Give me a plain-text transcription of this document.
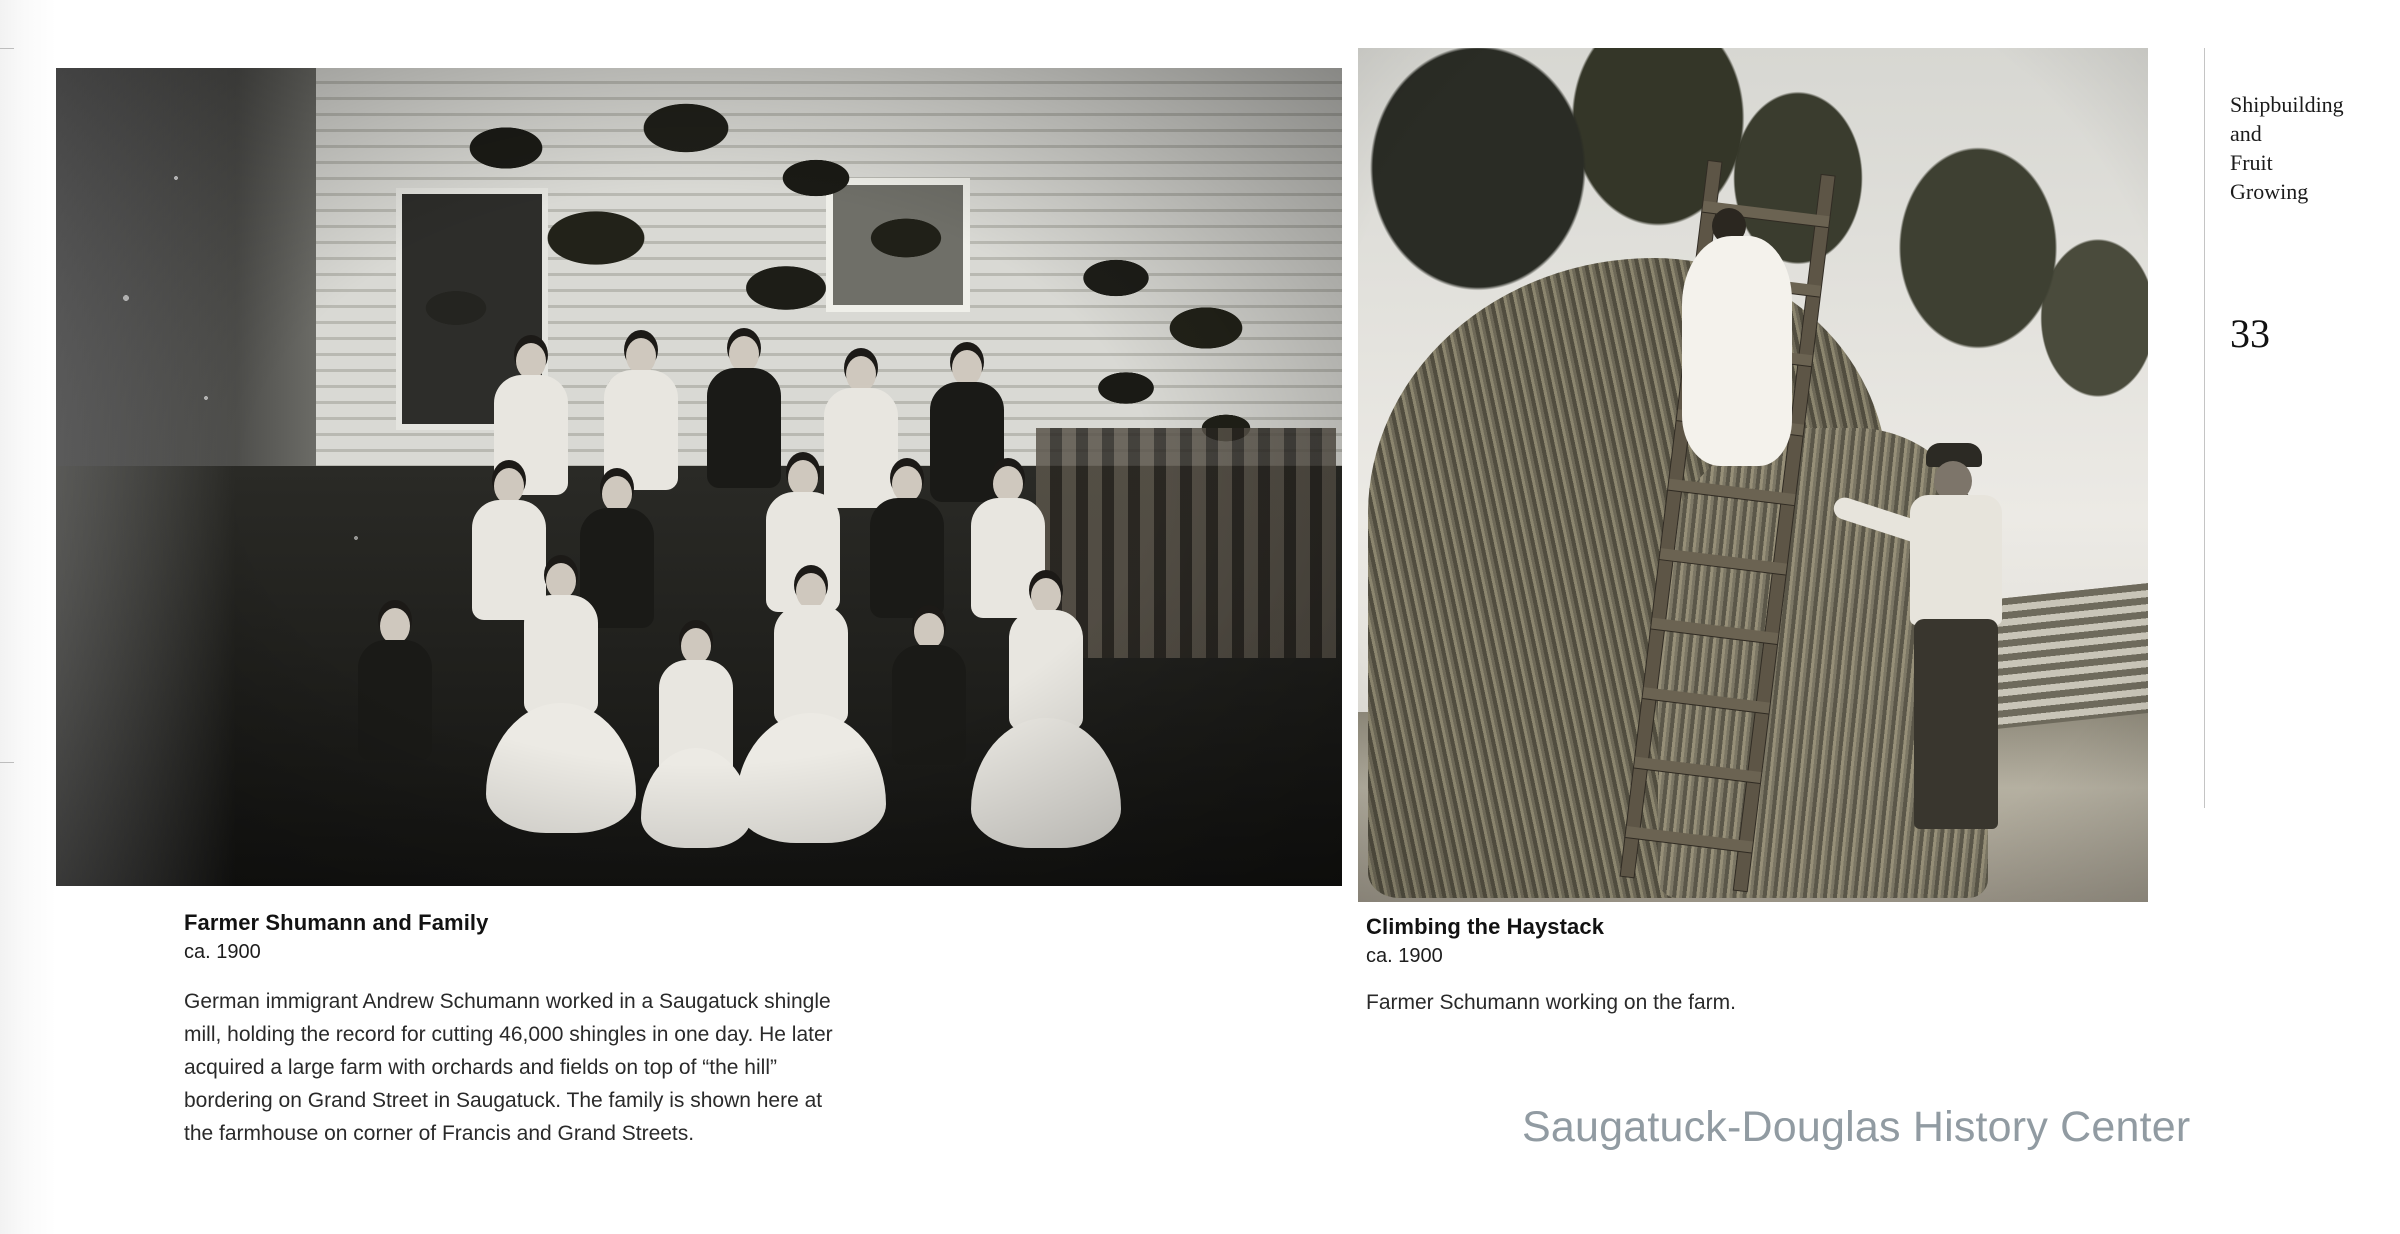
Farmer Shumann and Family
ca. 1900
German immigrant Andrew Schumann worked in a Saugatuck shingle mill, holding the record for cutting 46,000 shingles in one day. He later acquired a large farm with orchards and fields on top of “the hill” bordering on Grand Street in Saugatuck. The family is shown here at the farmhouse on corner of Francis and Grand Streets.
Climbing the Haystack
ca. 1900
Farmer Schumann working on the farm.
Shipbuilding
and
Fruit
Growing
33
Saugatuck-Douglas History Center
